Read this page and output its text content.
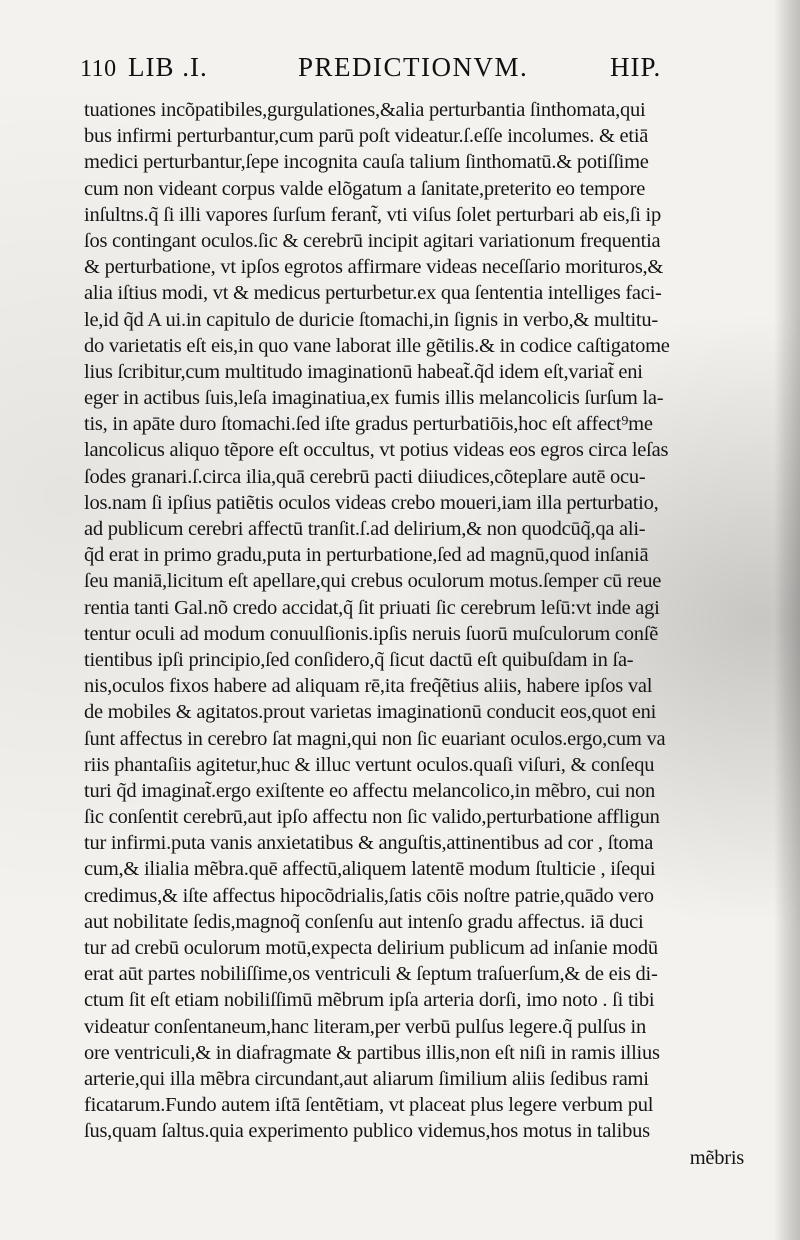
110 LIB .I.	PREDICTIONVM.	HIP.
tuationes incõpatibiles,gurgulationes,&alia perturbantia ſinthomata,qui
bus infirmi perturbantur,cum parū poſt videatur.ſ.eſſe incolumes. & etiā
medici perturbantur,ſepe incognita cauſa talium ſinthomatū.& potiſſime
cum non videant corpus valde elõgatum a ſanitate,preterito eo tempore
inſultns.q̃ ſi illi vapores ſurſum ferant̃, vti viſus ſolet perturbari ab eis,ſi ip
ſos contingant oculos.ſic & cerebrū incipit agitari variationum frequentia
& perturbatione, vt ipſos egrotos affirmare videas neceſſario morituros,&
alia iſtius modi, vt & medicus perturbetur.ex qua ſententia intelliges faci-
le,id q̃d A ui.in capitulo de duricie ſtomachi,in ſignis in verbo,& multitu-
do varietatis eſt eis,in quo vane laborat ille gẽtilis.& in codice caſtigatome
lius ſcribitur,cum multitudo imaginationū habeat̃.q̃d idem eſt,variat̃ eni
eger in actibus ſuis,leſa imaginatiua,ex fumis illis melancolicis ſurſum la-
tis, in apāte duro ſtomachi.ſed iſte gradus perturbatiōis,hoc eſt affect⁹me
lancolicus aliquo tẽpore eſt occultus, vt potius videas eos egros circa leſas
ſodes granari.ſ.circa ilia,quā cerebrū pacti diiudices,cõteplare autē ocu-
los.nam ſi ipſius patiẽtis oculos videas crebo moueri,iam illa perturbatio,
ad publicum cerebri affectū tranſit.ſ.ad delirium,& non quodcūq̃,qa ali-
q̃d erat in primo gradu,puta in perturbatione,ſed ad magnū,quod inſaniā
ſeu maniā,licitum eſt apellare,qui crebus oculorum motus.ſemper cū reue
rentia tanti Gal.nõ credo accidat,q̃ ſit priuati ſic cerebrum leſū:vt inde agi
tentur oculi ad modum conuulſionis.ipſis neruis ſuorū muſculorum conſẽ
tientibus ipſi principio,ſed conſidero,q̃ ſicut dactū eſt quibuſdam in ſa-
nis,oculos fixos habere ad aliquam rē,ita freq̃ẽtius aliis, habere ipſos val
de mobiles & agitatos.prout varietas imaginationū conducit eos,quot eni
ſunt affectus in cerebro ſat magni,qui non ſic euariant oculos.ergo,cum va
riis phantaſiis agitetur,huc & illuc vertunt oculos.quaſi viſuri, & conſequ
turi q̃d imaginat̃.ergo exiſtente eo affectu melancolico,in mẽbro, cui non
ſic conſentit cerebrū,aut ipſo affectu non ſic valido,perturbatione affligun
tur infirmi.puta vanis anxietatibus & anguſtis,attinentibus ad cor , ſtoma
cum,& ilialia mẽbra.quē affectū,aliquem latentē modum ſtulticie , iſequi
credimus,& iſte affectus hipocõdrialis,ſatis cōis noſtre patrie,quādo vero
aut nobilitate ſedis,magnoq̃ conſenſu aut intenſo gradu affectus. iā duci
tur ad crebū oculorum motū,expecta delirium publicum ad inſanie modū
erat aūt partes nobiliſſime,os ventriculi & ſeptum traſuerſum,& de eis di-
ctum ſit eſt etiam nobiliſſimū mẽbrum ipſa arteria dorſi, imo noto . ſi tibi
videatur conſentaneum,hanc literam,per verbū pulſus legere.q̃ pulſus in
ore ventriculi,& in diafragmate & partibus illis,non eſt niſi in ramis illius
arterie,qui illa mẽbra circundant,aut aliarum ſimilium aliis ſedibus rami
ficatarum.Fundo autem iſtā ſentẽtiam, vt placeat plus legere verbum pul
ſus,quam ſaltus.quia experimento publico videmus,hos motus in talibus
mẽbris
